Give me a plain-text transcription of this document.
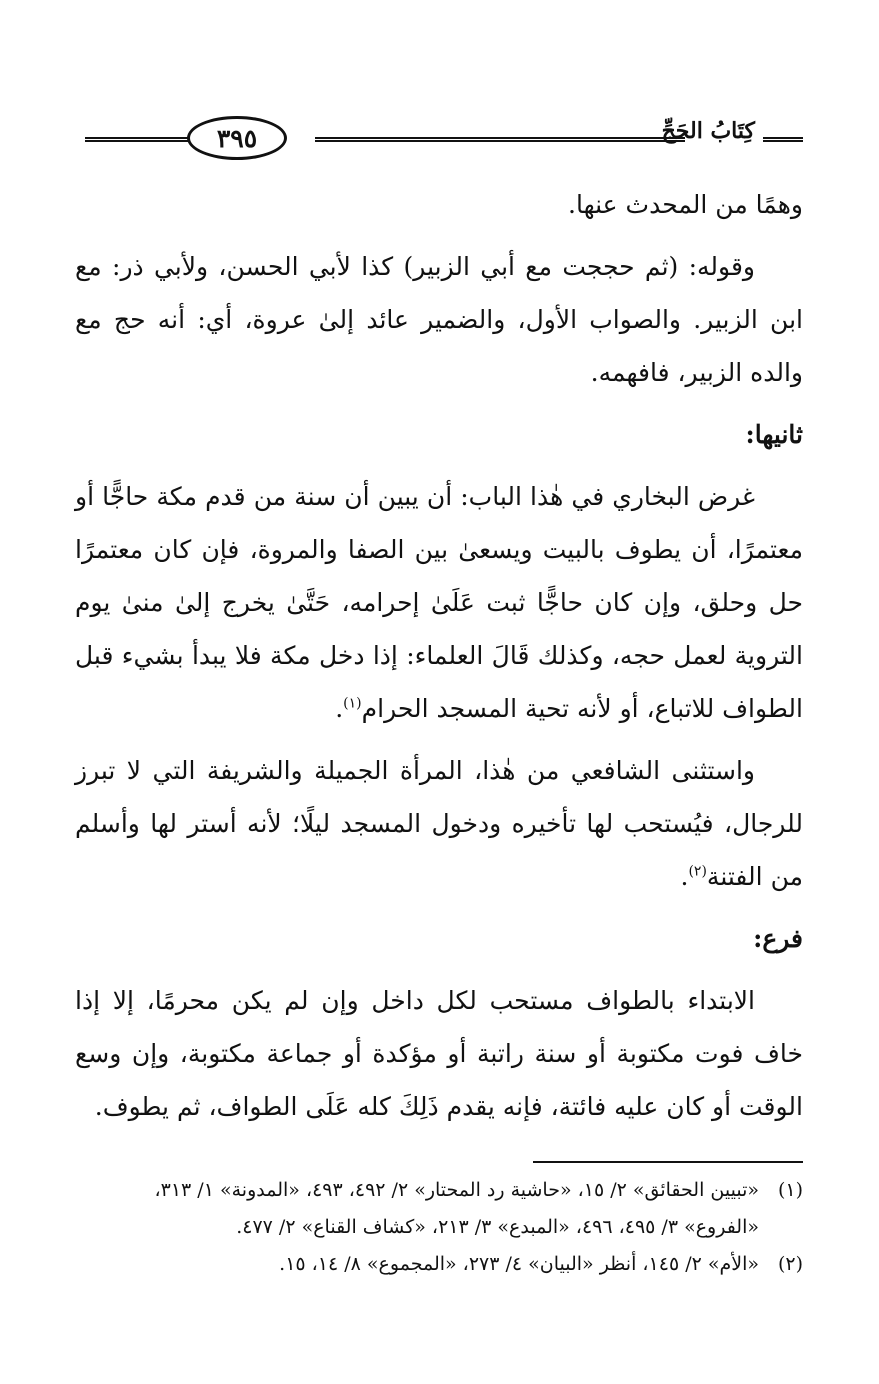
٣٩٥	كِتَابُ الحَجِّ

وهمًا من المحدث عنها.

وقوله: (ثم حججت مع أبي الزبير) كذا لأبي الحسن، ولأبي ذر: مع ابن الزبير. والصواب الأول، والضمير عائد إلىٰ عروة، أي: أنه حج مع والده الزبير، فافهمه.

ثانيها:

غرض البخاري في هٰذا الباب: أن يبين أن سنة من قدم مكة حاجًّا أو معتمرًا، أن يطوف بالبيت ويسعىٰ بين الصفا والمروة، فإن كان معتمرًا حل وحلق، وإن كان حاجًّا ثبت عَلَىٰ إحرامه، حَتَّىٰ يخرج إلىٰ منىٰ يوم التروية لعمل حجه، وكذلك قَالَ العلماء: إذا دخل مكة فلا يبدأ بشيء قبل الطواف للاتباع، أو لأنه تحية المسجد الحرام$^{(١)}$.

واستثنى الشافعي من هٰذا، المرأة الجميلة والشريفة التي لا تبرز للرجال، فيُستحب لها تأخيره ودخول المسجد ليلًا؛ لأنه أستر لها وأسلم من الفتنة$^{(٢)}$.

فرع:

الابتداء بالطواف مستحب لكل داخل وإن لم يكن محرمًا، إلا إذا خاف فوت مكتوبة أو سنة راتبة أو مؤكدة أو جماعة مكتوبة، وإن وسع الوقت أو كان عليه فائتة، فإنه يقدم ذَلِكَ كله عَلَى الطواف، ثم يطوف.

(١)«تبيين الحقائق» ٢/ ١٥، «حاشية رد المحتار» ٢/ ٤٩٢، ٤٩٣، «المدونة» ١/ ٣١٣، «الفروع» ٣/ ٤٩٥، ٤٩٦، «المبدع» ٣/ ٢١٣، «كشاف القناع» ٢/ ٤٧٧.

(٢)«الأم» ٢/ ١٤٥، أنظر «البيان» ٤/ ٢٧٣، «المجموع» ٨/ ١٤، ١٥.
